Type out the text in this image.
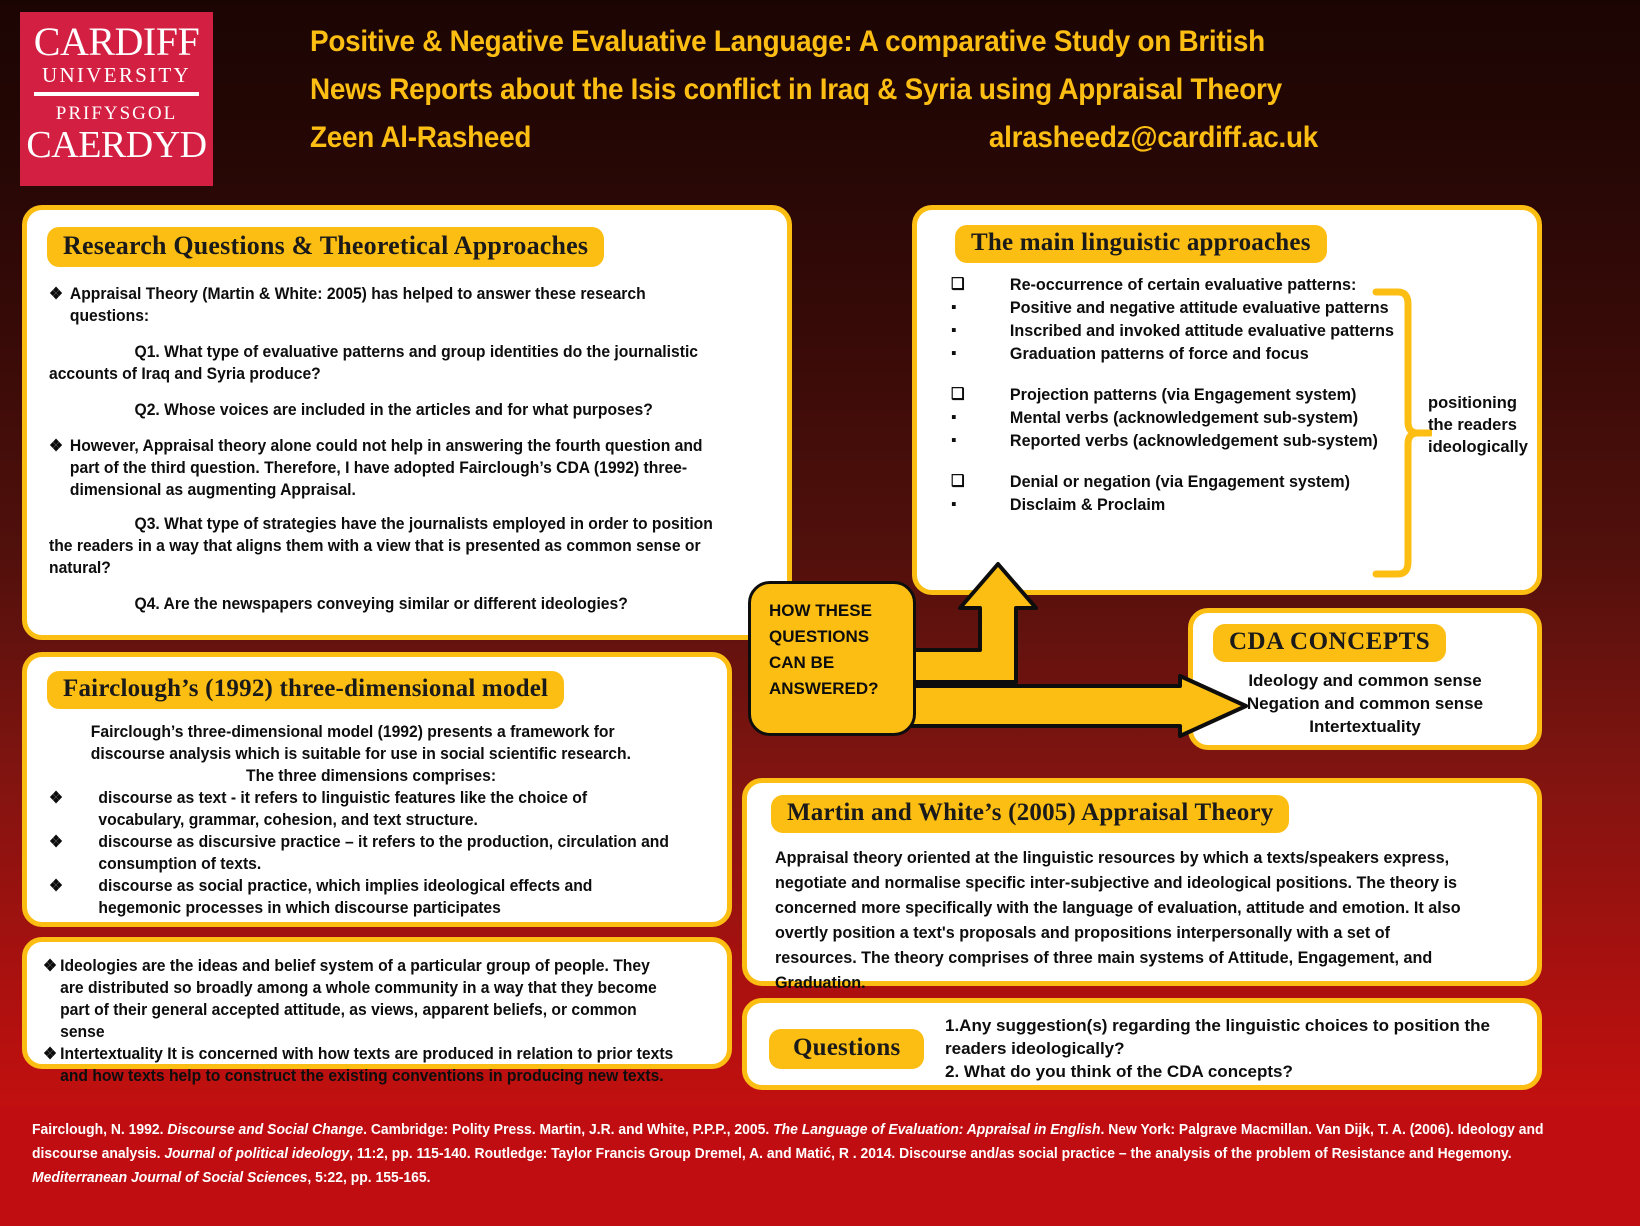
CARDIFF
UNIVERSITY
PRIFYSGOL
CAERDYD
Positive & Negative Evaluative Language: A comparative Study on British
News Reports about the Isis conflict in Iraq & Syria using Appraisal Theory
Zeen Al-Rasheed	alrasheedz@cardiff.ac.uk
Research Questions & Theoretical Approaches
❖ Appraisal Theory (Martin & White: 2005) has helped to answer these research questions:
Q1. What type of evaluative patterns and group identities do the journalistic accounts of Iraq and Syria produce?
Q2. Whose voices are included in the articles and for what purposes?
❖ However, Appraisal theory alone could not help in answering the fourth question and part of the third question. Therefore, I have adopted Fairclough’s CDA (1992) three-dimensional as augmenting Appraisal.
Q3. What type of strategies have the journalists employed in order to position the readers in a way that aligns them with a view that is presented as common sense or natural?
Q4. Are the newspapers conveying similar or different ideologies?
Fairclough’s (1992) three-dimensional model
Fairclough’s three-dimensional model (1992) presents a framework for discourse analysis which is suitable for use in social scientific research.
The three dimensions comprises:
❖	discourse as text - it refers to linguistic features like the choice of vocabulary, grammar, cohesion, and text structure.
❖	discourse as discursive practice – it refers to the production, circulation and consumption of texts.
❖	discourse as social practice, which implies ideological effects and hegemonic processes in which discourse participates
❖ Ideologies are the ideas and belief system of a particular group of people. They are distributed so broadly among a whole community in a way that they become part of their general accepted attitude, as views, apparent beliefs, or common sense
❖ Intertextuality It is concerned with how texts are produced in relation to prior texts and how texts help to construct the existing conventions in producing new texts.
The main linguistic approaches
❑	Re-occurrence of certain evaluative patterns:
▪	Positive and negative attitude evaluative patterns
▪	Inscribed and invoked attitude evaluative patterns
▪	Graduation patterns of force and focus
❑	Projection patterns (via Engagement system)
▪	Mental verbs (acknowledgement sub-system)
▪	Reported verbs (acknowledgement sub-system)
❑	Denial or negation (via Engagement system)
▪	Disclaim & Proclaim
positioning
the readers
ideologically
HOW THESE
QUESTIONS
CAN BE
ANSWERED?
CDA CONCEPTS
Ideology and common sense
Negation and common sense
Intertextuality
Martin and White’s (2005) Appraisal Theory
Appraisal theory oriented at the linguistic resources by which a texts/speakers express, negotiate and normalise specific inter-subjective and ideological positions. The theory is concerned more specifically with the language of evaluation, attitude and emotion. It also overtly position a text's proposals and propositions interpersonally with a set of resources. The theory comprises of three main systems of Attitude, Engagement, and Graduation.
Questions
1.Any suggestion(s) regarding the linguistic choices to position the readers ideologically?
2. What do you think of the CDA concepts?
Fairclough, N. 1992. Discourse and Social Change. Cambridge: Polity Press. Martin, J.R. and White, P.P.P., 2005. The Language of Evaluation: Appraisal in English. New York: Palgrave Macmillan. Van Dijk, T. A. (2006). Ideology and
discourse analysis. Journal of political ideology, 11:2, pp. 115-140. Routledge: Taylor Francis Group Dremel, A. and Matić, R . 2014. Discourse and/as social practice – the analysis of the problem of Resistance and Hegemony.
Mediterranean Journal of Social Sciences, 5:22, pp. 155-165.
